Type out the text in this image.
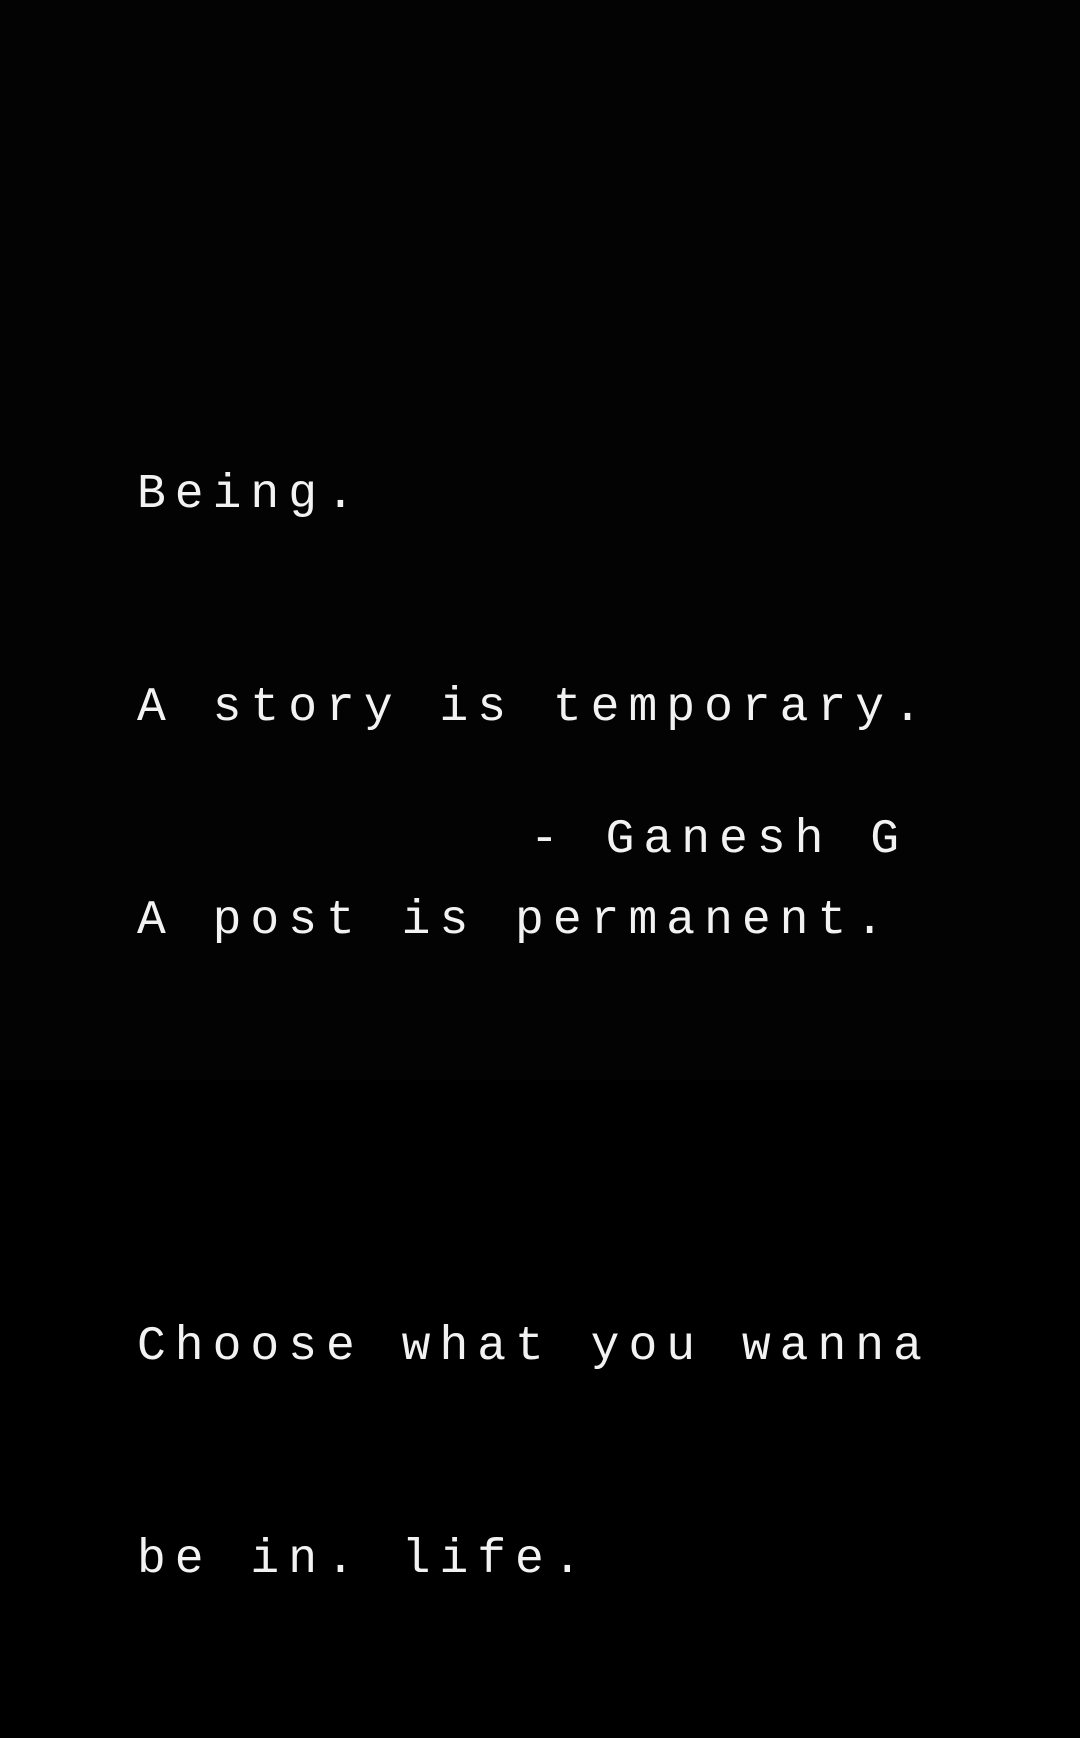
Being.

A story is temporary.

A post is permanent.

Choose what you wanna

be in. life.

- Ganesh G
